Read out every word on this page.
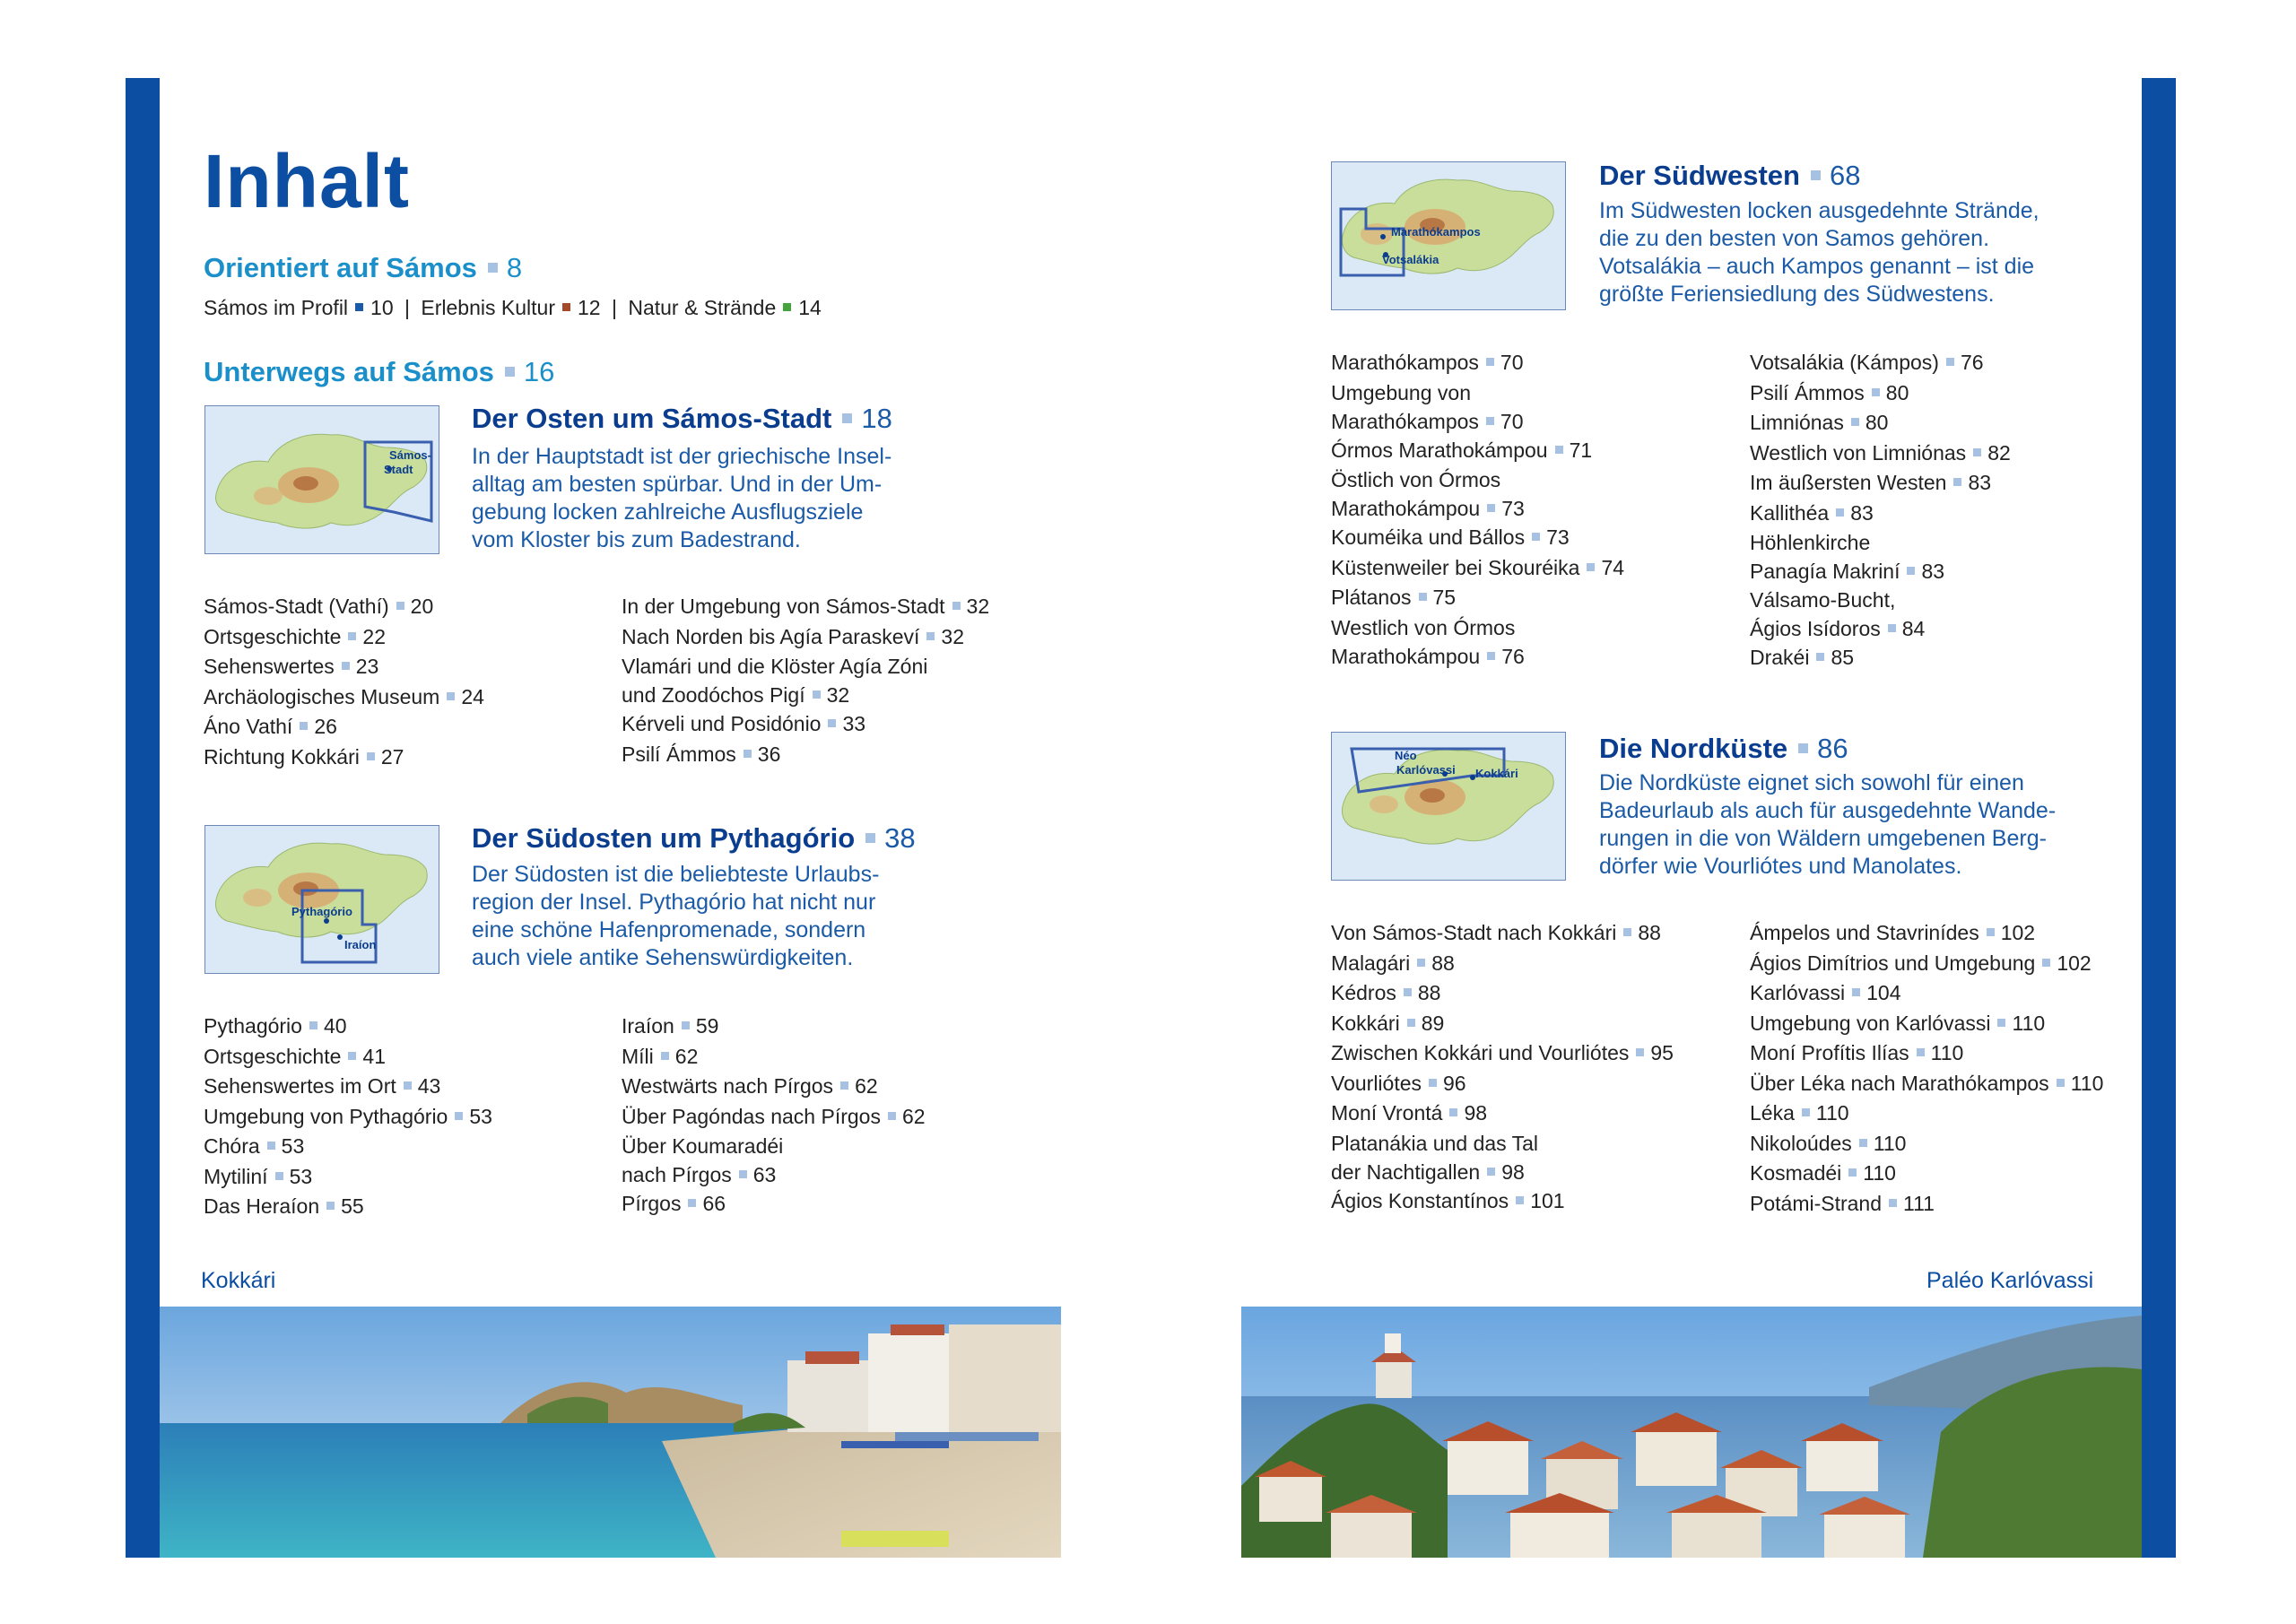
Inhalt
Orientiert auf Sámos 8
Sámos im Profil 10 | Erlebnis Kultur 12 | Natur & Strände 14
Unterwegs auf Sámos 16
Sámos-
Stadt
Der Osten um Sámos-Stadt 18
In der Hauptstadt ist der griechische Insel-
alltag am besten spürbar. Und in der Um-
gebung locken zahlreiche Ausflugsziele
vom Kloster bis zum Badestrand.
Sámos-Stadt (Vathí) 20
Ortsgeschichte 22
Sehenswertes 23
Archäologisches Museum 24
Áno Vathí 26
Richtung Kokkári 27
In der Umgebung von Sámos-Stadt 32
Nach Norden bis Agía Paraskeví 32
Vlamári und die Klöster Agía Zóni
und Zoodóchos Pigí 32
Kérveli und Posidónio 33
Psilí Ámmos 36
Pythagório
Iraíon
Der Südosten um Pythagório 38
Der Südosten ist die beliebteste Urlaubs-
region der Insel. Pythagório hat nicht nur
eine schöne Hafenpromenade, sondern
auch viele antike Sehenswürdigkeiten.
Pythagório 40
Ortsgeschichte 41
Sehenswertes im Ort 43
Umgebung von Pythagório 53
Chóra 53
Mytiliní 53
Das Heraíon 55
Iraíon 59
Míli 62
Westwärts nach Pírgos 62
Über Pagóndas nach Pírgos 62
Über Koumaradéi
nach Pírgos 63
Pírgos 66
Kokkári
Marathókampos
Votsalákia
Der Südwesten 68
Im Südwesten locken ausgedehnte Strände,
die zu den besten von Samos gehören.
Votsalákia – auch Kampos genannt – ist die
größte Feriensiedlung des Südwestens.
Marathókampos 70
Umgebung von
Marathókampos 70
Órmos Marathokámpou 71
Östlich von Órmos
Marathokámpou 73
Kouméika und Bállos 73
Küstenweiler bei Skouréika 74
Plátanos 75
Westlich von Órmos
Marathokámpou 76
Votsalákia (Kámpos) 76
Psilí Ámmos 80
Limniónas 80
Westlich von Limniónas 82
Im äußersten Westen 83
Kallithéa 83
Höhlenkirche
Panagía Makriní 83
Válsamo-Bucht,
Ágios Isídoros 84
Drakéi 85
Néo
Karlóvassi Kokkári
Die Nordküste 86
Die Nordküste eignet sich sowohl für einen
Badeurlaub als auch für ausgedehnte Wande-
rungen in die von Wäldern umgebenen Berg-
dörfer wie Vourliótes und Manolates.
Von Sámos-Stadt nach Kokkári 88
Malagári 88
Kédros 88
Kokkári 89
Zwischen Kokkári und Vourliótes 95
Vourliótes 96
Moní Vrontá 98
Platanákia und das Tal
der Nachtigallen 98
Ágios Konstantínos 101
Ámpelos und Stavrinídes 102
Ágios Dimítrios und Umgebung 102
Karlóvassi 104
Umgebung von Karlóvassi 110
Moní Profítis Ilías 110
Über Léka nach Marathókampos 110
Léka 110
Nikoloúdes 110
Kosmadéi 110
Potámi-Strand 111
Paléo Karlóvassi
